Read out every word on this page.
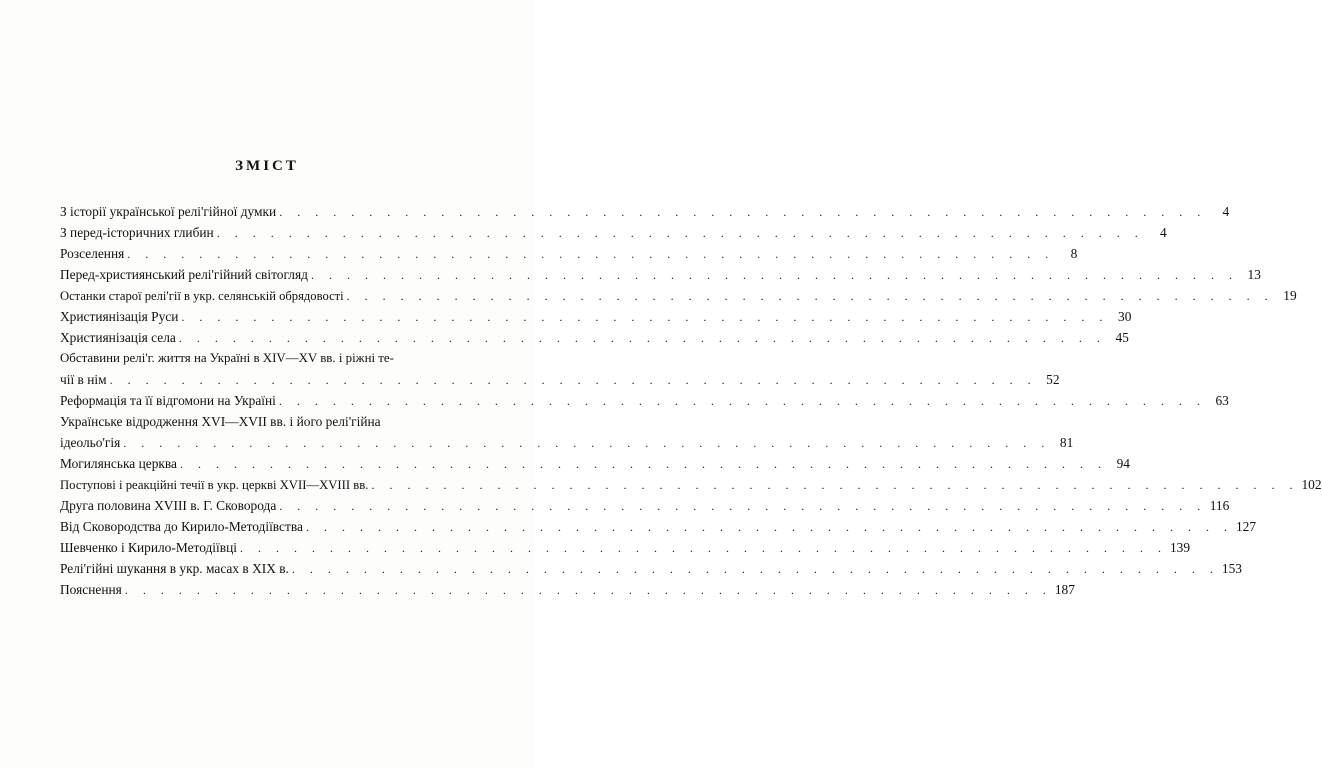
ЗМІСТ
З історії української релі'гійної думки . . . . . . . . . . . . . . . . . . . . . . . . . . . . . . . . . . . . . . . . . . . . . . . . . . . .	4
З перед-історичних глибин . . . . . . . . . . . . . . . . . . . . . . . . . . . . . . . . . . . . . . . . . . . . . . . . . . . .	4
Розселення . . . . . . . . . . . . . . . . . . . . . . . . . . . . . . . . . . . . . . . . . . . . . . . . . . . .	8
Перед-християнський релі'гійний світогляд . . . . . . . . . . . . . . . . . . . . . . . . . . . . . . . . . . . . . . . . . . . . . . . . . . . . 13
Останки старої релі'гії в укр. селянській обрядовості . . . . . . . . . . . . . . . . . . . . . . . . . . . . . . . . . . . . . . . . . . . . . . . . . . . . 19
Християнізація Руси . . . . . . . . . . . . . . . . . . . . . . . . . . . . . . . . . . . . . . . . . . . . . . . . . . . . 30
Християнізація села . . . . . . . . . . . . . . . . . . . . . . . . . . . . . . . . . . . . . . . . . . . . . . . . . . . . 45
Обставини релі'г. життя на Україні в XIV—XV вв. і ріжні те-
чії в нім . . . . . . . . . . . . . . . . . . . . . . . . . . . . . . . . . . . . . . . . . . . . . . . . . . . . 52
Реформація та її відгомони на Україні . . . . . . . . . . . . . . . . . . . . . . . . . . . . . . . . . . . . . . . . . . . . . . . . . . . . 63
Українське відродження XVI—XVII вв. і його релі'гійна
ідеольо'гія . . . . . . . . . . . . . . . . . . . . . . . . . . . . . . . . . . . . . . . . . . . . . . . . . . . . 81
Могилянська церква . . . . . . . . . . . . . . . . . . . . . . . . . . . . . . . . . . . . . . . . . . . . . . . . . . . . 94
Поступові і реакційні течії в укр. церкві XVII—XVIII вв. . . . . . . . . . . . . . . . . . . . . . . . . . . . . . . . . . . . . . . . . . . . . . . . . . . . . 102
Друга половина XVIII в. Г. Сковорода . . . . . . . . . . . . . . . . . . . . . . . . . . . . . . . . . . . . . . . . . . . . . . . . . . . . 116
Від Сковородства до Кирило-Методіївства . . . . . . . . . . . . . . . . . . . . . . . . . . . . . . . . . . . . . . . . . . . . . . . . . . . . 127
Шевченко і Кирило-Методіївці . . . . . . . . . . . . . . . . . . . . . . . . . . . . . . . . . . . . . . . . . . . . . . . . . . . . 139
Релі'гійні шукання в укр. масах в XIX в. . . . . . . . . . . . . . . . . . . . . . . . . . . . . . . . . . . . . . . . . . . . . . . . . . . . . 153
Пояснення . . . . . . . . . . . . . . . . . . . . . . . . . . . . . . . . . . . . . . . . . . . . . . . . . . . . 187
